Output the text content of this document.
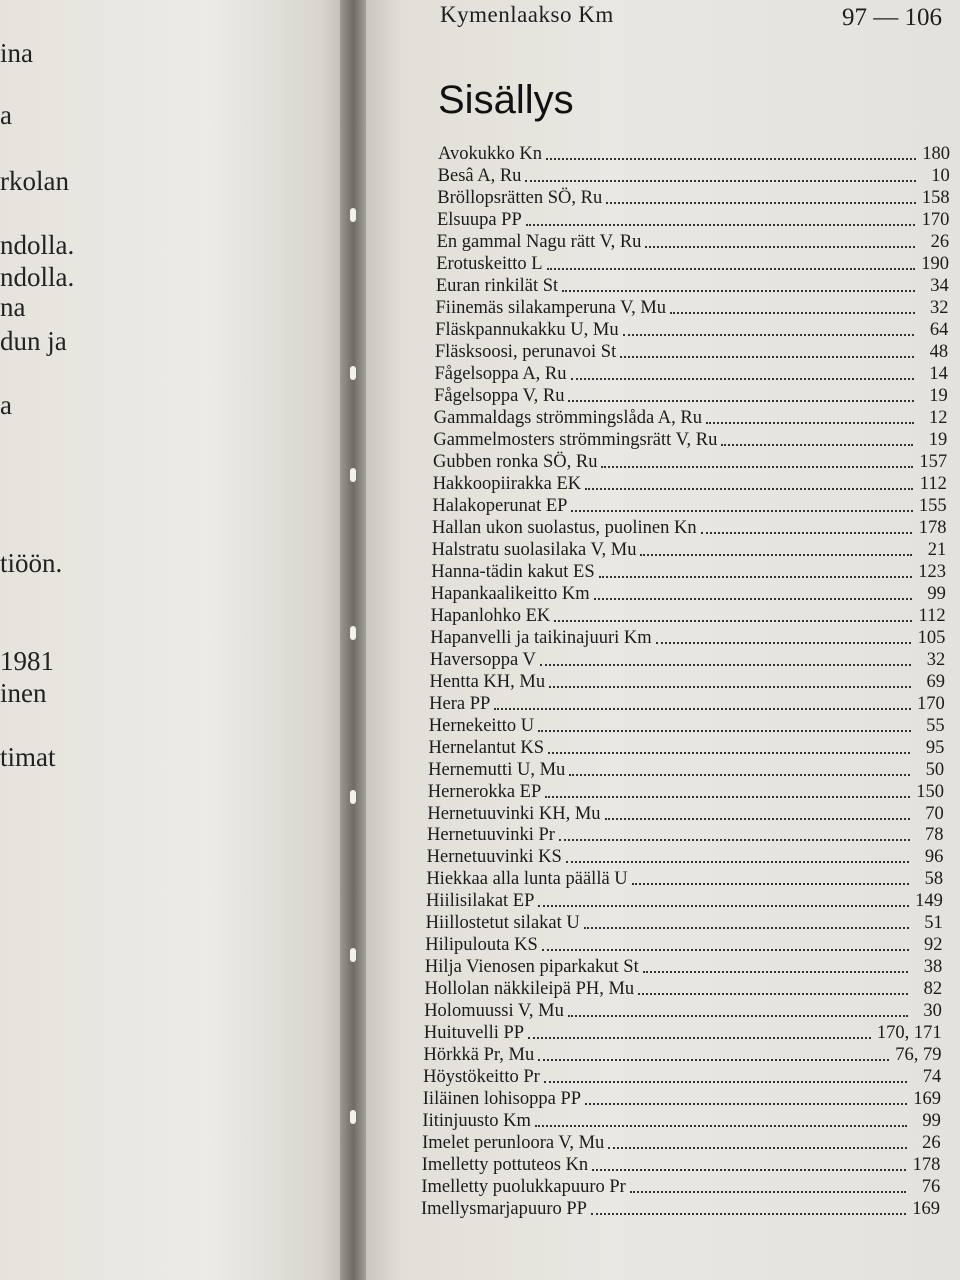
ina
a
rkolan
ndolla.
ndolla.
na
dun ja
a
tiöön.
1981
inen
timat
Kymenlaakso Km	97 — 106
Sisällys
Avokukko Kn	180
Besâ A, Ru	10
Bröllopsrätten SÖ, Ru	158
Elsuupa PP	170
En gammal Nagu rätt V, Ru	26
Erotuskeitto L	190
Euran rinkilät St	34
Fiinemäs silakamperuna V, Mu	32
Fläskpannukakku U, Mu	64
Fläsksoosi, perunavoi St	48
Fågelsoppa A, Ru	14
Fågelsoppa V, Ru	19
Gammaldags strömmingslåda A, Ru	12
Gammelmosters strömmingsrätt V, Ru	19
Gubben ronka SÖ, Ru	157
Hakkoopiirakka EK	112
Halakoperunat EP	155
Hallan ukon suolastus, puolinen Kn	178
Halstratu suolasilaka V, Mu	21
Hanna-tädin kakut ES	123
Hapankaalikeitto Km	99
Hapanlohko EK	112
Hapanvelli ja taikinajuuri Km	105
Haversoppa V	32
Hentta KH, Mu	69
Hera PP	170
Hernekeitto U	55
Hernelantut KS	95
Hernemutti U, Mu	50
Hernerokka EP	150
Hernetuuvinki KH, Mu	70
Hernetuuvinki Pr	78
Hernetuuvinki KS	96
Hiekkaa alla lunta päällä U	58
Hiilisilakat EP	149
Hiillostetut silakat U	51
Hilipulouta KS	92
Hilja Vienosen piparkakut St	38
Hollolan näkkileipä PH, Mu	82
Holomuussi V, Mu	30
Huituvelli PP	170, 171
Hörkkä Pr, Mu	76, 79
Höystökeitto Pr	74
Iiläinen lohisoppa PP	169
Iitinjuusto Km	99
Imelet perunloora V, Mu	26
Imelletty pottuteos Kn	178
Imelletty puolukkapuuro Pr	76
Imellysmarjapuuro PP	169
